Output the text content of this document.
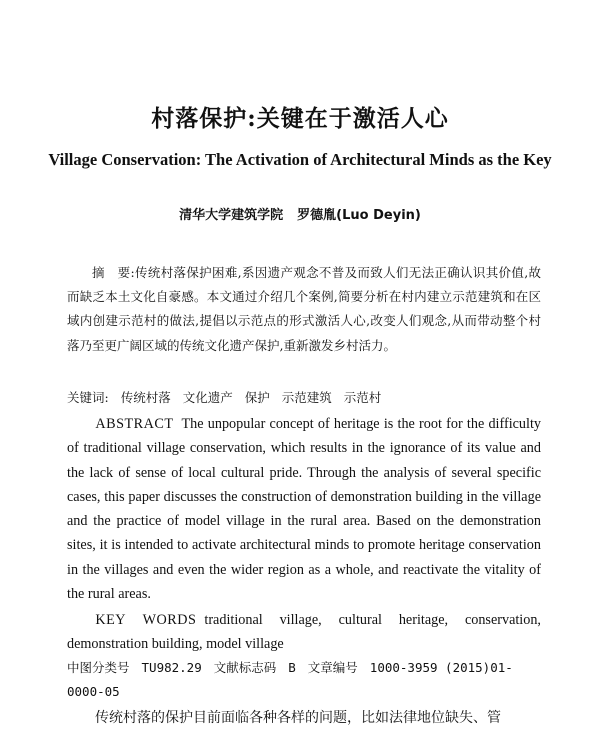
村落保护:关键在于激活人心
Village Conservation: The Activation of Architectural Minds as the Key
清华大学建筑学院 罗德胤(Luo Deyin)

摘　要:传统村落保护困难,系因遗产观念不普及而致人们无法正确认识其价值,故而缺乏本土文化自豪感。本文通过介绍几个案例,简要分析在村内建立示范建筑和在区域内创建示范村的做法,提倡以示范点的形式激活人心,改变人们观念,从而带动整个村落乃至更广阔区域的传统文化遗产保护,重新激发乡村活力。

关键词: 传统村落 文化遗产 保护 示范建筑 示范村

ABSTRACT The unpopular concept of heritage is the root for the difficulty of traditional village conservation, which results in the ignorance of its value and the lack of sense of local cultural pride. Through the analysis of several specific cases, this paper discusses the construction of demonstration building in the village and the practice of model village in the rural area. Based on the demonstration sites, it is intended to activate architectural minds to promote heritage conservation in the villages and even the wider region as a whole, and reactivate the vitality of the rural areas.

KEY WORDS traditional village, cultural heritage, conservation, demonstration building, model village

中图分类号 TU982.29 文献标志码 B 文章编号 1000-3959 (2015)01-0000-05

传统村落的保护目前面临各种各样的问题，比如法律地位缺失、管
